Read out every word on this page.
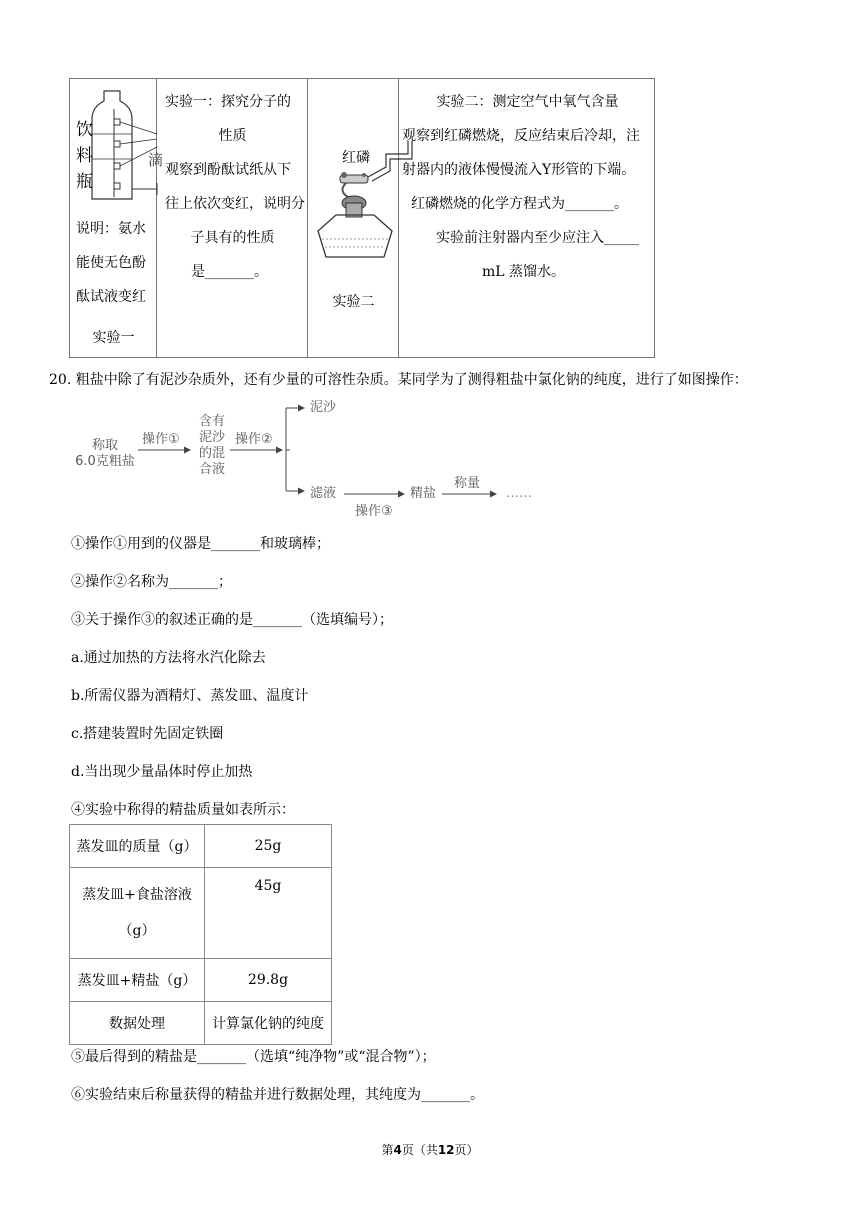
饮料瓶
滴
说明：氨水
能使无色酚
酞试液变红
实验一
实验一：探究分子的
性质
观察到酚酞试纸从下
往上依次变红，说明分
子具有的性质
是_______。
红磷
实验二
实验二：测定空气中氧气含量
观察到红磷燃烧，反应结束后冷却，注
射器内的液体慢慢流入Y形管的下端。
红磷燃烧的化学方程式为_______。
实验前注射器内至少应注入_____
mL 蒸馏水。
20. 粗盐中除了有泥沙杂质外，还有少量的可溶性杂质。某同学为了测得粗盐中氯化钠的纯度，进行了如图操作：
称取
6.0克粗盐
操作①
含有
泥沙
的混
合液
操作②
泥沙
滤液
操作③
精盐
称量
……
①操作①用到的仪器是_______和玻璃棒；
②操作②名称为_______；
③关于操作③的叙述正确的是_______（选填编号）；
a.通过加热的方法将水汽化除去
b.所需仪器为酒精灯、蒸发皿、温度计
c.搭建装置时先固定铁圈
d.当出现少量晶体时停止加热
④实验中称得的精盐质量如表所示：
蒸发皿的质量（g）	25g

蒸发皿+食盐溶液
（g）	45g
蒸发皿+精盐（g）	29.8g
数据处理	计算氯化钠的纯度
⑤最后得到的精盐是_______（选填“纯净物”或“混合物”）；
⑥实验结束后称量获得的精盐并进行数据处理，其纯度为_______。
第4页（共12页）
